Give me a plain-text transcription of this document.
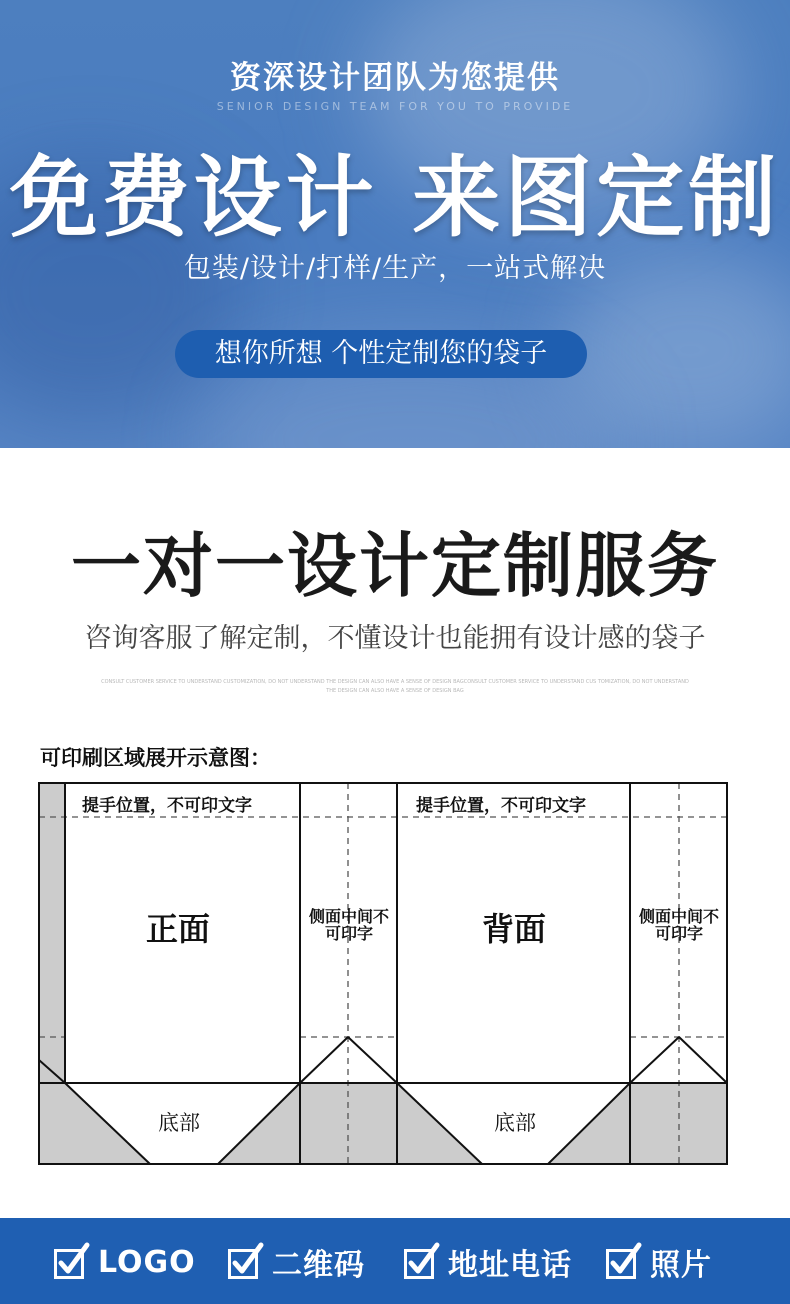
资深设计团队为您提供
SENIOR DESIGN TEAM FOR YOU TO PROVIDE
免费设计 来图定制
包装/设计/打样/生产，一站式解决
想你所想 个性定制您的袋子
一对一设计定制服务
咨询客服了解定制，不懂设计也能拥有设计感的袋子
CONSULT CUSTOMER SERVICE TO UNDERSTAND CUSTOMIZATION, DO NOT UNDERSTAND THE DESIGN CAN ALSO HAVE A SENSE OF DESIGN BAGCONSULT CUSTOMER SERVICE TO UNDERSTAND CUS TOMIZATION, DO NOT UNDERSTAND THE DESIGN CAN ALSO HAVE A SENSE OF DESIGN BAG
可印刷区域展开示意图：
提手位置，不可印文字	提手位置，不可印文字
正面	背面
侧面中间不可印字
侧面中间不可印字
底部	底部
LOGO	二维码	地址电话	照片
